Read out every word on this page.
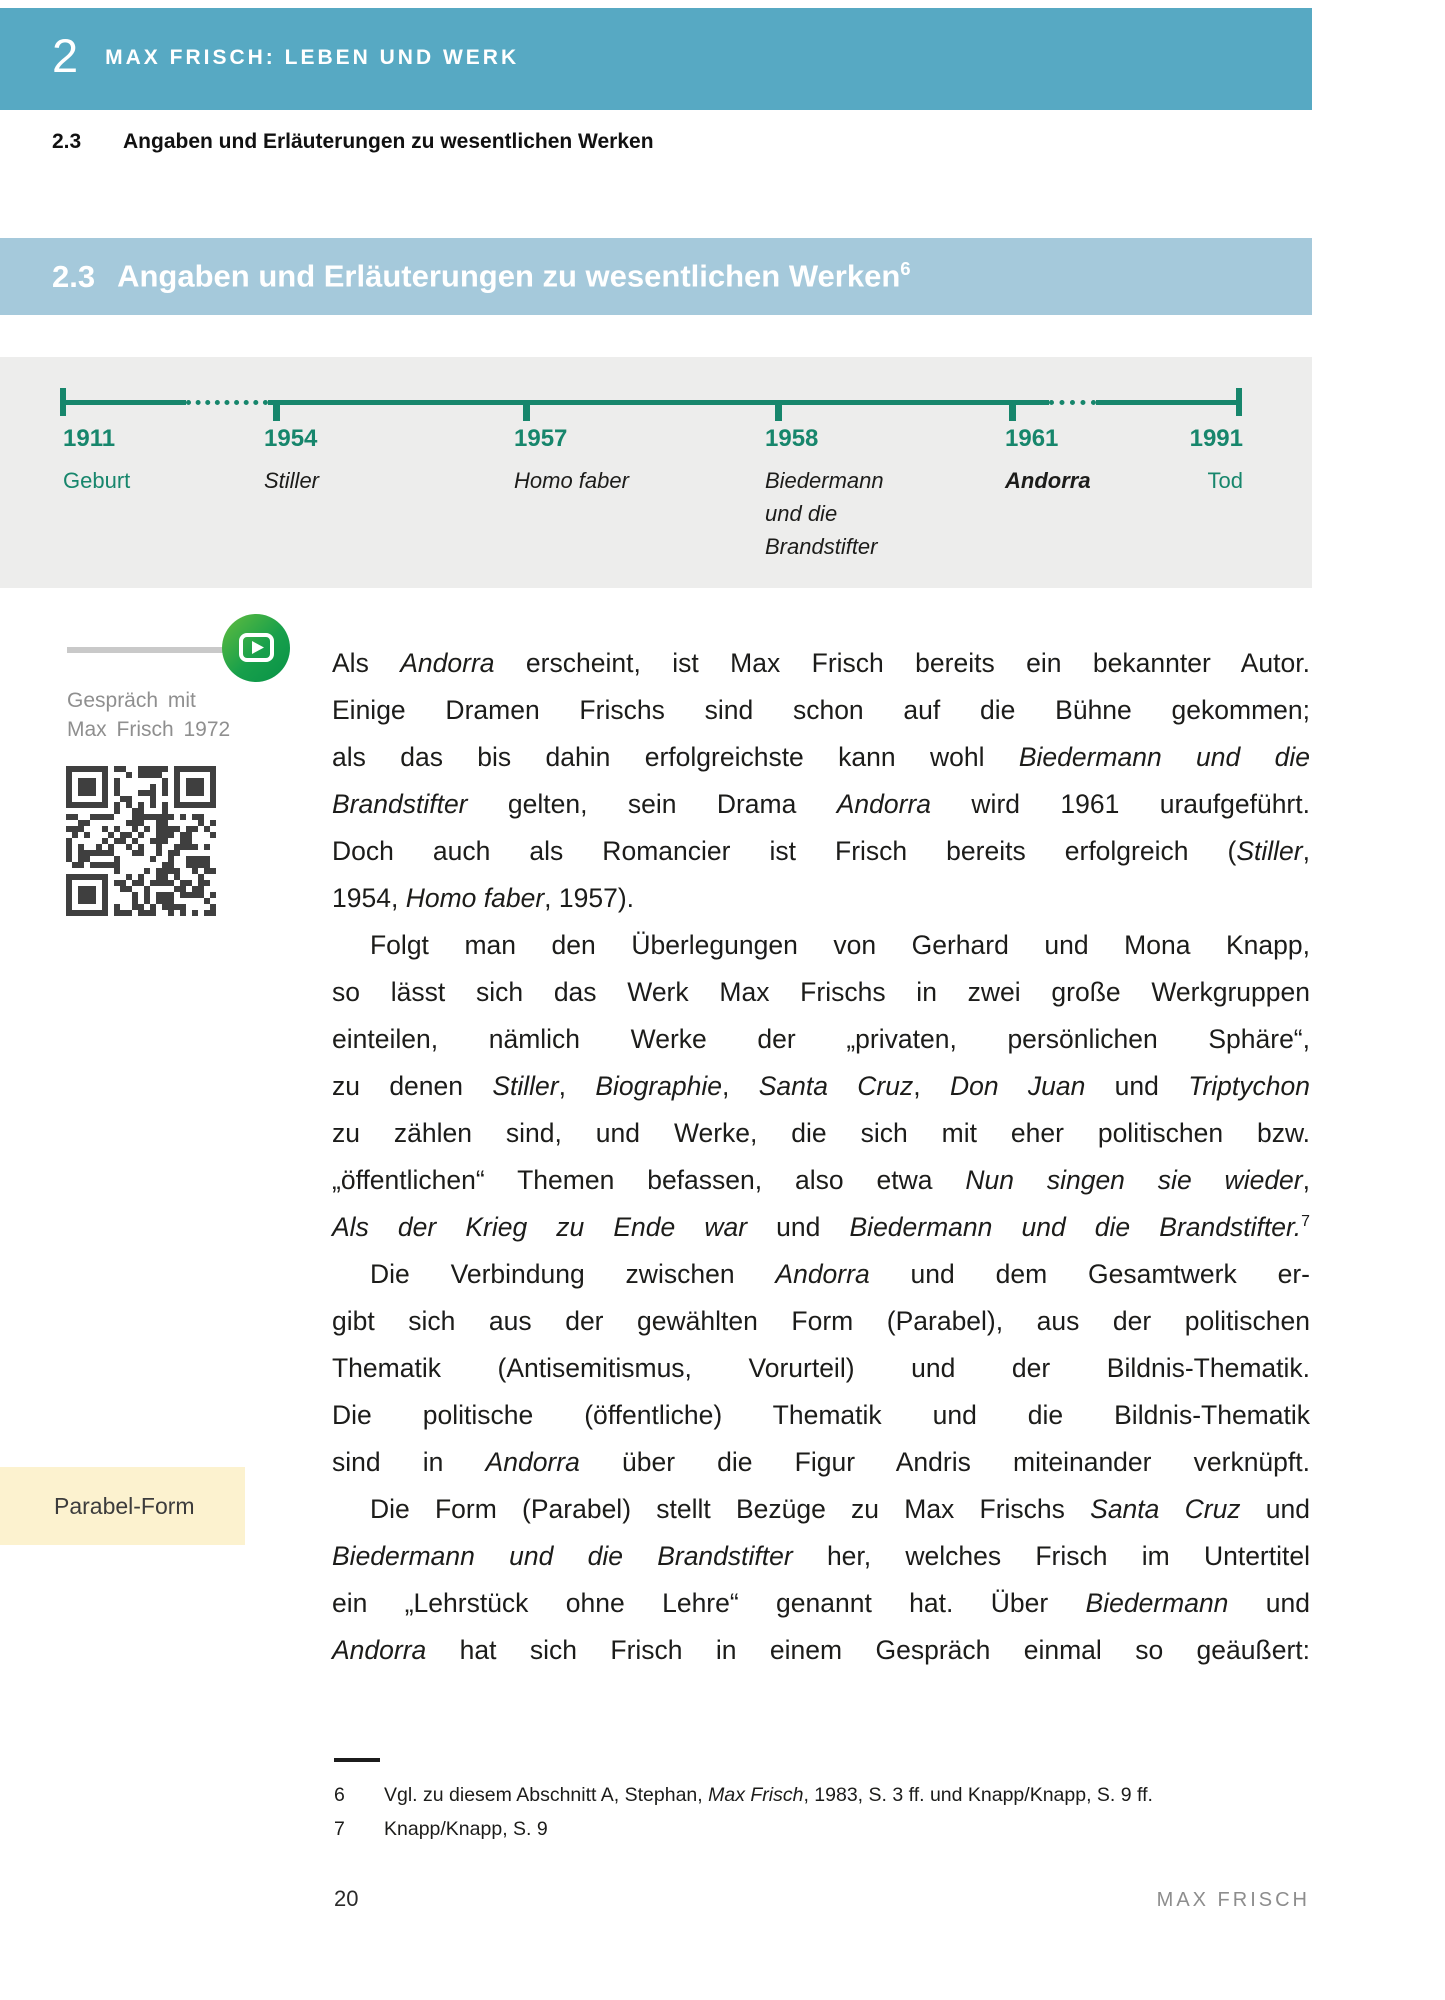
2 MAX FRISCH: LEBEN UND WERK
2.3 Angaben und Erläuterungen zu wesentlichen Werken
2.3 Angaben und Erläuterungen zu wesentlichen Werken$^6$
1911
Geburt
1954
Stiller
1957
Homo faber
1958
Biedermann
und die
Brandstifter
1961
Andorra
1991
Tod
Gespräch mit
Max Frisch 1972
Als Andorra erscheint, ist Max Frisch bereits ein bekannter Autor.
Einige Dramen Frischs sind schon auf die Bühne gekommen;
als das bis dahin erfolgreichste kann wohl Biedermann und die
Brandstifter gelten, sein Drama Andorra wird 1961 uraufgeführt.
Doch auch als Romancier ist Frisch bereits erfolgreich (Stiller,
1954, Homo faber, 1957).
Folgt man den Überlegungen von Gerhard und Mona Knapp,
so lässt sich das Werk Max Frischs in zwei große Werkgruppen
einteilen, nämlich Werke der „privaten, persönlichen Sphäre“,
zu denen Stiller, Biographie, Santa Cruz, Don Juan und Triptychon
zu zählen sind, und Werke, die sich mit eher politischen bzw.
„öffentlichen“ Themen befassen, also etwa Nun singen sie wieder,
Als der Krieg zu Ende war und Biedermann und die Brandstifter.$^7$
Die Verbindung zwischen Andorra und dem Gesamtwerk er-
gibt sich aus der gewählten Form (Parabel), aus der politischen
Thematik (Antisemitismus, Vorurteil) und der Bildnis-Thematik.
Die politische (öffentliche) Thematik und die Bildnis-Thematik
sind in Andorra über die Figur Andris miteinander verknüpft.
Die Form (Parabel) stellt Bezüge zu Max Frischs Santa Cruz und
Biedermann und die Brandstifter her, welches Frisch im Untertitel
ein „Lehrstück ohne Lehre“ genannt hat. Über Biedermann und
Andorra hat sich Frisch in einem Gespräch einmal so geäußert:
Parabel-Form
6	Vgl. zu diesem Abschnitt A, Stephan, Max Frisch, 1983, S. 3 ff. und Knapp/Knapp, S. 9 ff.
7	Knapp/Knapp, S. 9
20	MAX FRISCH
